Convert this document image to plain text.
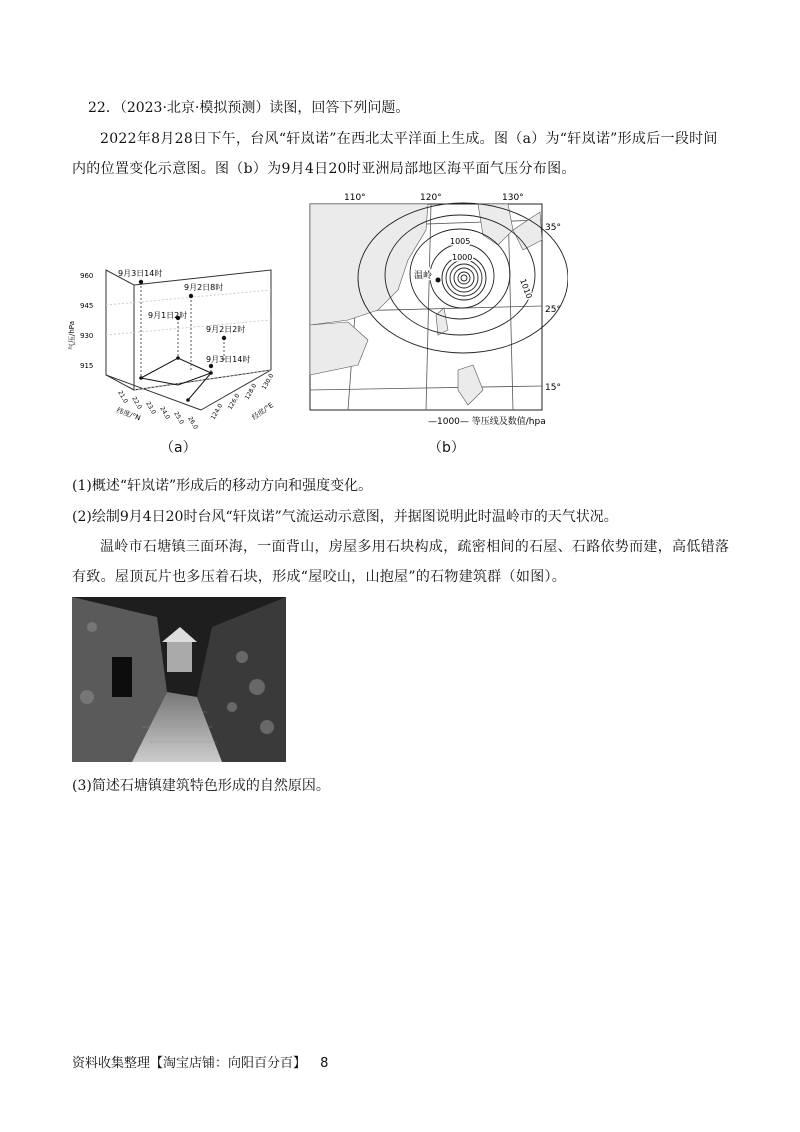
22．（2023·北京·模拟预测）读图，回答下列问题。
2022年8月28日下午，台风“轩岚诺”在西北太平洋面上生成。图（a）为“轩岚诺”形成后一段时间内的位置变化示意图。图（b）为9月4日20时亚洲局部地区海平面气压分布图。
960
945
930
915
气压/hPa
21.0 22.0 23.0 24.0 25.0 26.0
纬度/°N	124.0
126.0
128.0
130.0
经度/°E
9月3日14时
9月2日8时
9月1日2时
9月2日2时
9月3日14时
（a）
110°	120°	130°
35°
25°
15°
1005
1000
1010
温岭
—1000— 等压线及数值/hpa
（b）
(1)概述“轩岚诺”形成后的移动方向和强度变化。
(2)绘制9月4日20时台风“轩岚诺”气流运动示意图，并据图说明此时温岭市的天气状况。
温岭市石塘镇三面环海，一面背山，房屋多用石块构成，疏密相间的石屋、石路依势而建，高低错落有致。屋顶瓦片也多压着石块，形成“屋咬山，山抱屋”的石物建筑群（如图）。
(3)简述石塘镇建筑特色形成的自然原因。
资料收集整理【淘宝店铺：向阳百分百】 8
